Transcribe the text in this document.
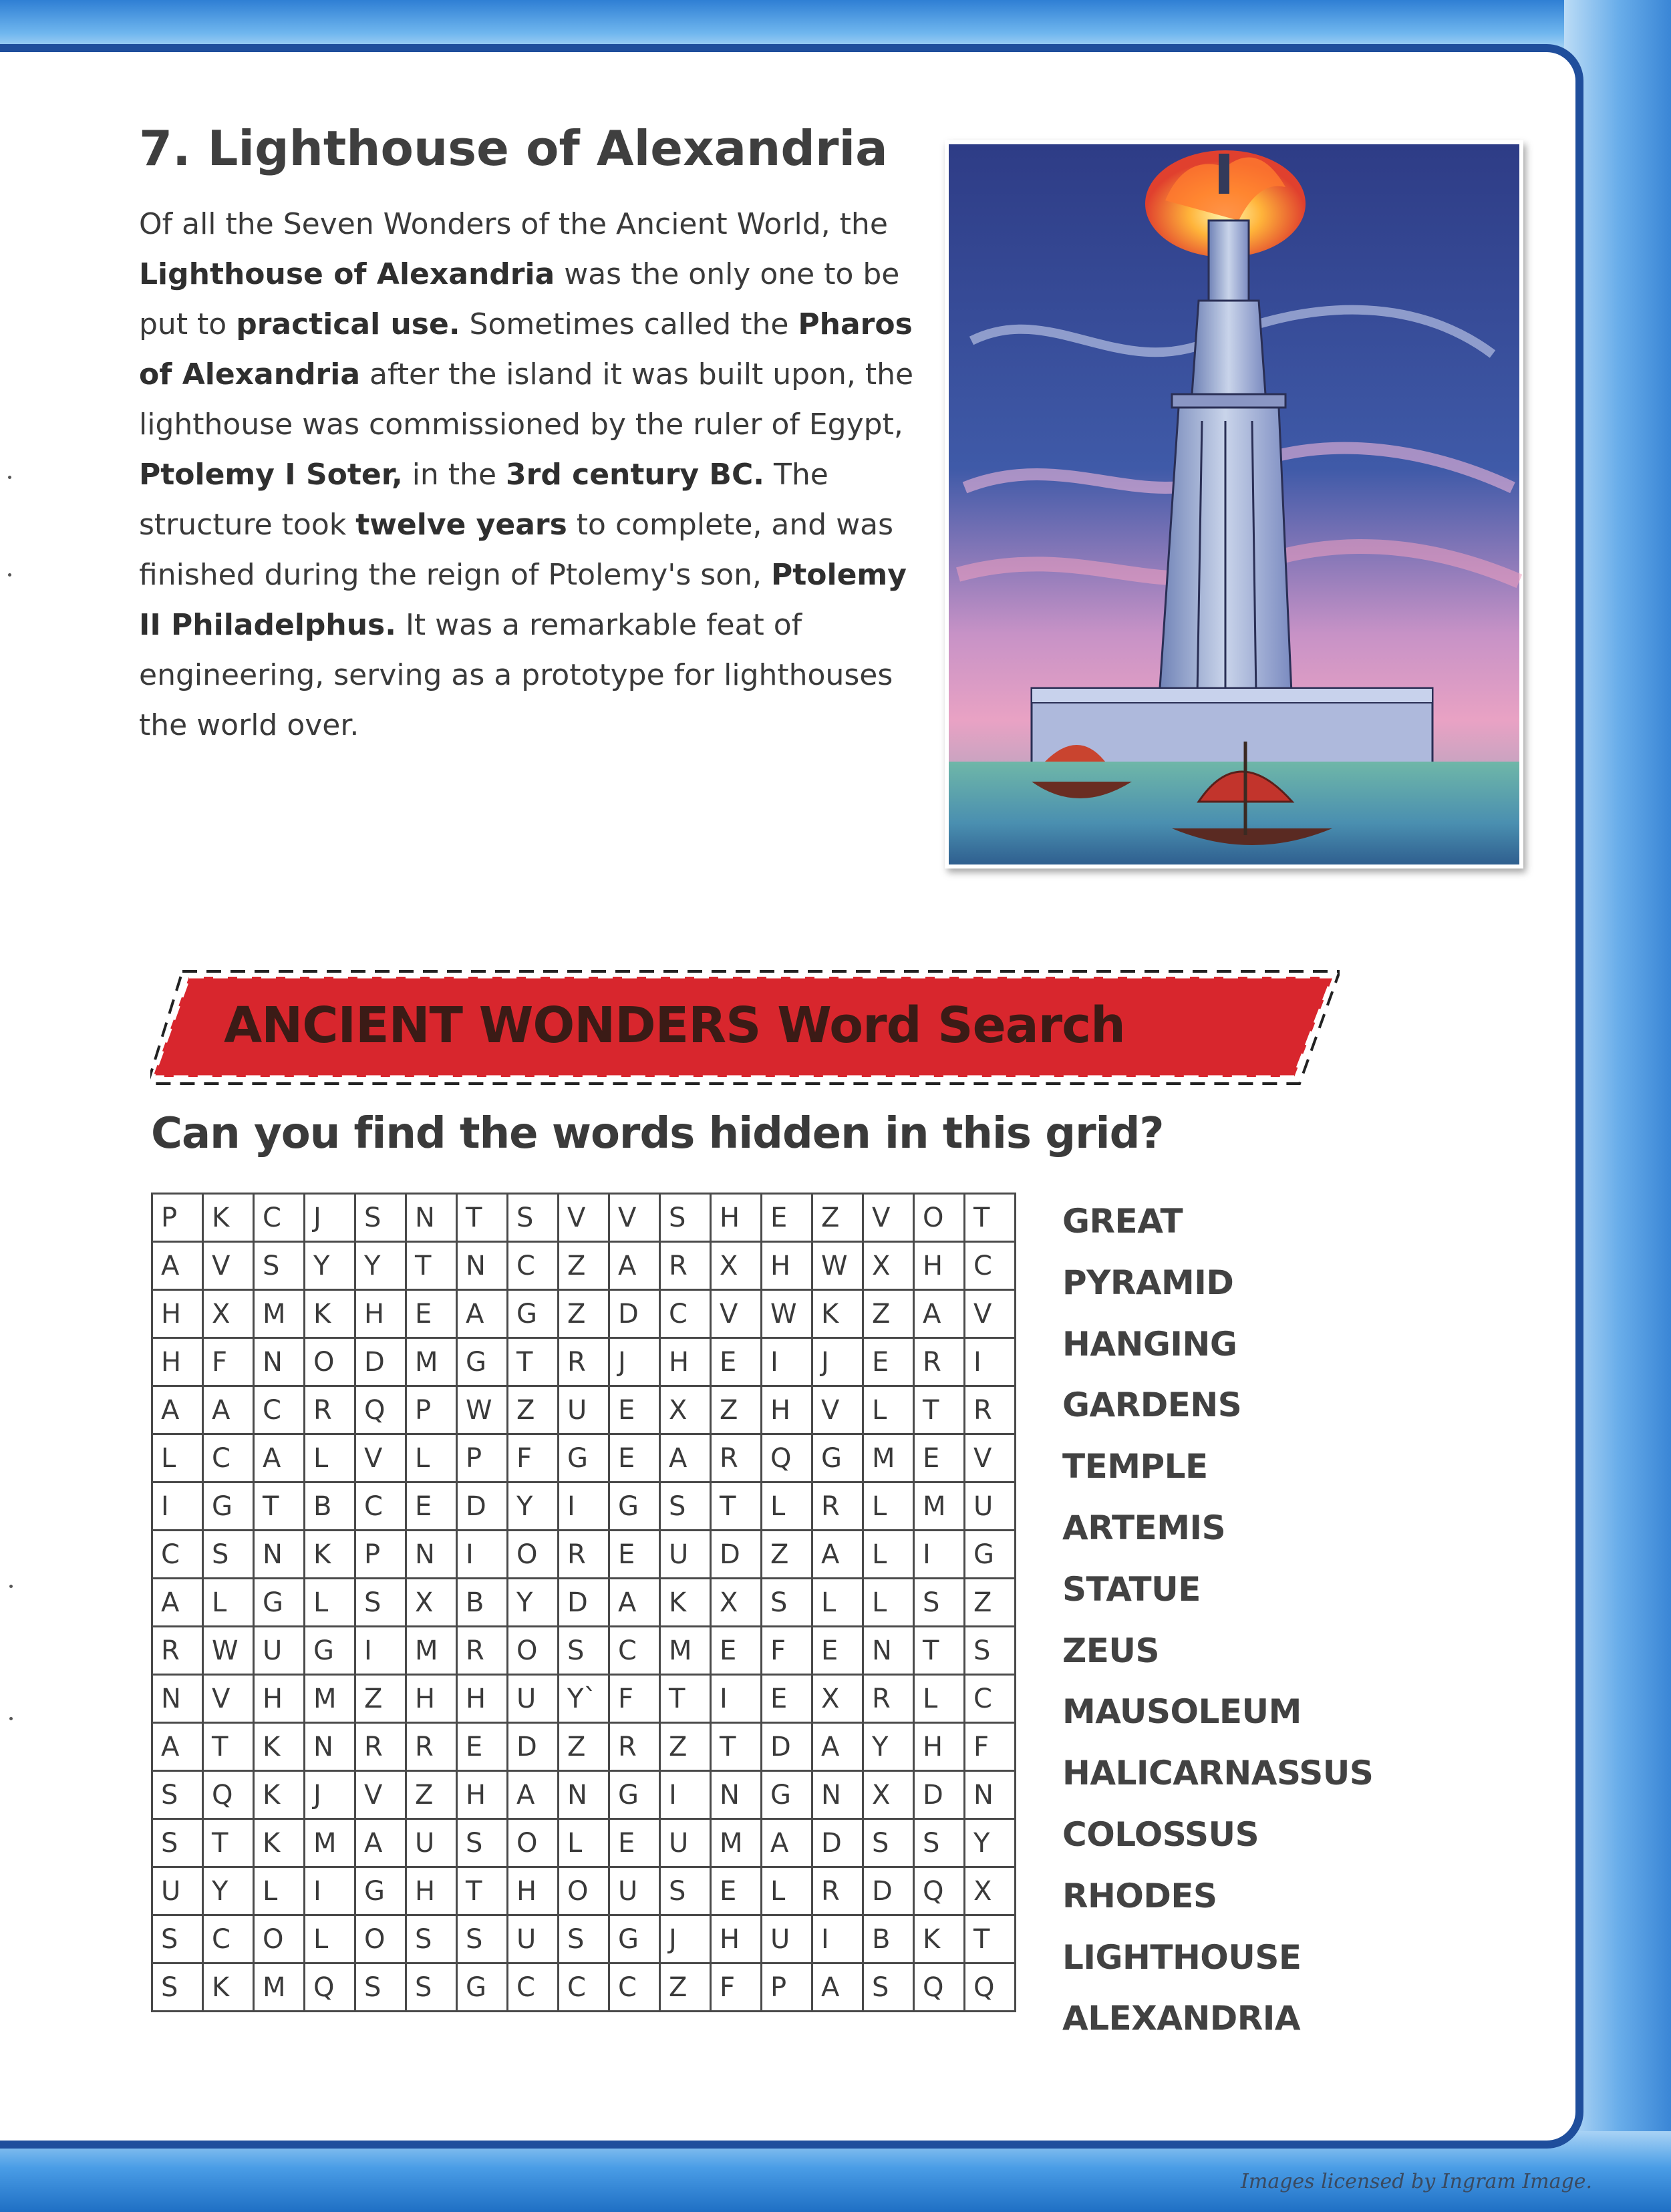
7. Lighthouse of Alexandria

Of all the Seven Wonders of the Ancient World, the Lighthouse of Alexandria was the only one to be put to practical use. Sometimes called the Pharos of Alexandria after the island it was built upon, the lighthouse was commissioned by the ruler of Egypt, Ptolemy I Soter, in the 3rd century BC. The structure took twelve years to complete, and was finished during the reign of Ptolemy's son, Ptolemy II Philadelphus. It was a remarkable feat of engineering, serving as a prototype for lighthouses the world over.

ANCIENT WONDERS Word Search
Can you find the words hidden in this grid?
P	K	C	J	S	N	T	S	V	V	S	H	E	Z	V	O	T
A	V	S	Y	Y	T	N	C	Z	A	R	X	H	W	X	H	C
H	X	M	K	H	E	A	G	Z	D	C	V	W	K	Z	A	V
H	F	N	O	D	M	G	T	R	J	H	E	I	J	E	R	I
A	A	C	R	Q	P	W	Z	U	E	X	Z	H	V	L	T	R
L	C	A	L	V	L	P	F	G	E	A	R	Q	G	M	E	V
I	G	T	B	C	E	D	Y	I	G	S	T	L	R	L	M	U
C	S	N	K	P	N	I	O	R	E	U	D	Z	A	L	I	G
A	L	G	L	S	X	B	Y	D	A	K	X	S	L	L	S	Z
R	W	U	G	I	M	R	O	S	C	M	E	F	E	N	T	S
N	V	H	M	Z	H	H	U	Y`	F	T	I	E	X	R	L	C
A	T	K	N	R	R	E	D	Z	R	Z	T	D	A	Y	H	F
S	Q	K	J	V	Z	H	A	N	G	I	N	G	N	X	D	N
S	T	K	M	A	U	S	O	L	E	U	M	A	D	S	S	Y
U	Y	L	I	G	H	T	H	O	U	S	E	L	R	D	Q	X
S	C	O	L	O	S	S	U	S	G	J	H	U	I	B	K	T
S	K	M	Q	S	S	G	C	C	C	Z	F	P	A	S	Q	Q
GREAT
PYRAMID
HANGING
GARDENS
TEMPLE
ARTEMIS
STATUE
ZEUS
MAUSOLEUM
HALICARNASSUS
COLOSSUS
RHODES
LIGHTHOUSE
ALEXANDRIA

Images licensed by Ingram Image.
